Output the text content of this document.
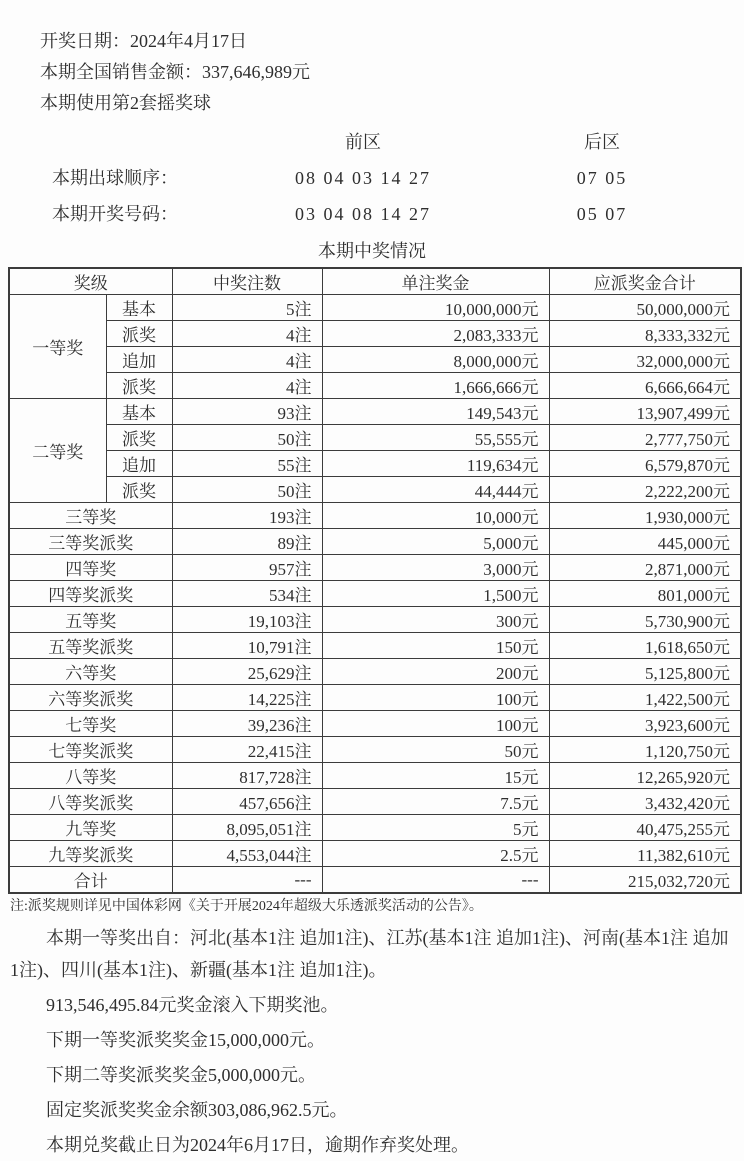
开奖日期：2024年4月17日
本期全国销售金额：337,646,989元
本期使用第2套摇奖球
前区	后区
本期出球顺序：	08 04 03 14 27	07 05
本期开奖号码：	03 04 08 14 27	05 07
本期中奖情况
奖级		中奖注数	单注奖金	应派奖金合计
一等奖	基本	5注	10,000,000元	50,000,000元
	派奖	4注	2,083,333元	8,333,332元
	追加	4注	8,000,000元	32,000,000元
	派奖	4注	1,666,666元	6,666,664元
二等奖	基本	93注	149,543元	13,907,499元
	派奖	50注	55,555元	2,777,750元
	追加	55注	119,634元	6,579,870元
	派奖	50注	44,444元	2,222,200元
三等奖		193注	10,000元	1,930,000元
三等奖派奖		89注	5,000元	445,000元
四等奖		957注	3,000元	2,871,000元
四等奖派奖		534注	1,500元	801,000元
五等奖		19,103注	300元	5,730,900元
五等奖派奖		10,791注	150元	1,618,650元
六等奖		25,629注	200元	5,125,800元
六等奖派奖		14,225注	100元	1,422,500元
七等奖		39,236注	100元	3,923,600元
七等奖派奖		22,415注	50元	1,120,750元
八等奖		817,728注	15元	12,265,920元
八等奖派奖		457,656注	7.5元	3,432,420元
九等奖		8,095,051注	5元	40,475,255元
九等奖派奖		4,553,044注	2.5元	11,382,610元
合计		---	---	215,032,720元
注:派奖规则详见中国体彩网《关于开展2024年超级大乐透派奖活动的公告》。

本期一等奖出自：河北(基本1注 追加1注)、江苏(基本1注 追加1注)、河南(基本1注 追加1注)、四川(基本1注)、新疆(基本1注 追加1注)。

913,546,495.84元奖金滚入下期奖池。

下期一等奖派奖奖金15,000,000元。

下期二等奖派奖奖金5,000,000元。

固定奖派奖奖金余额303,086,962.5元。

本期兑奖截止日为2024年6月17日，逾期作弃奖处理。
